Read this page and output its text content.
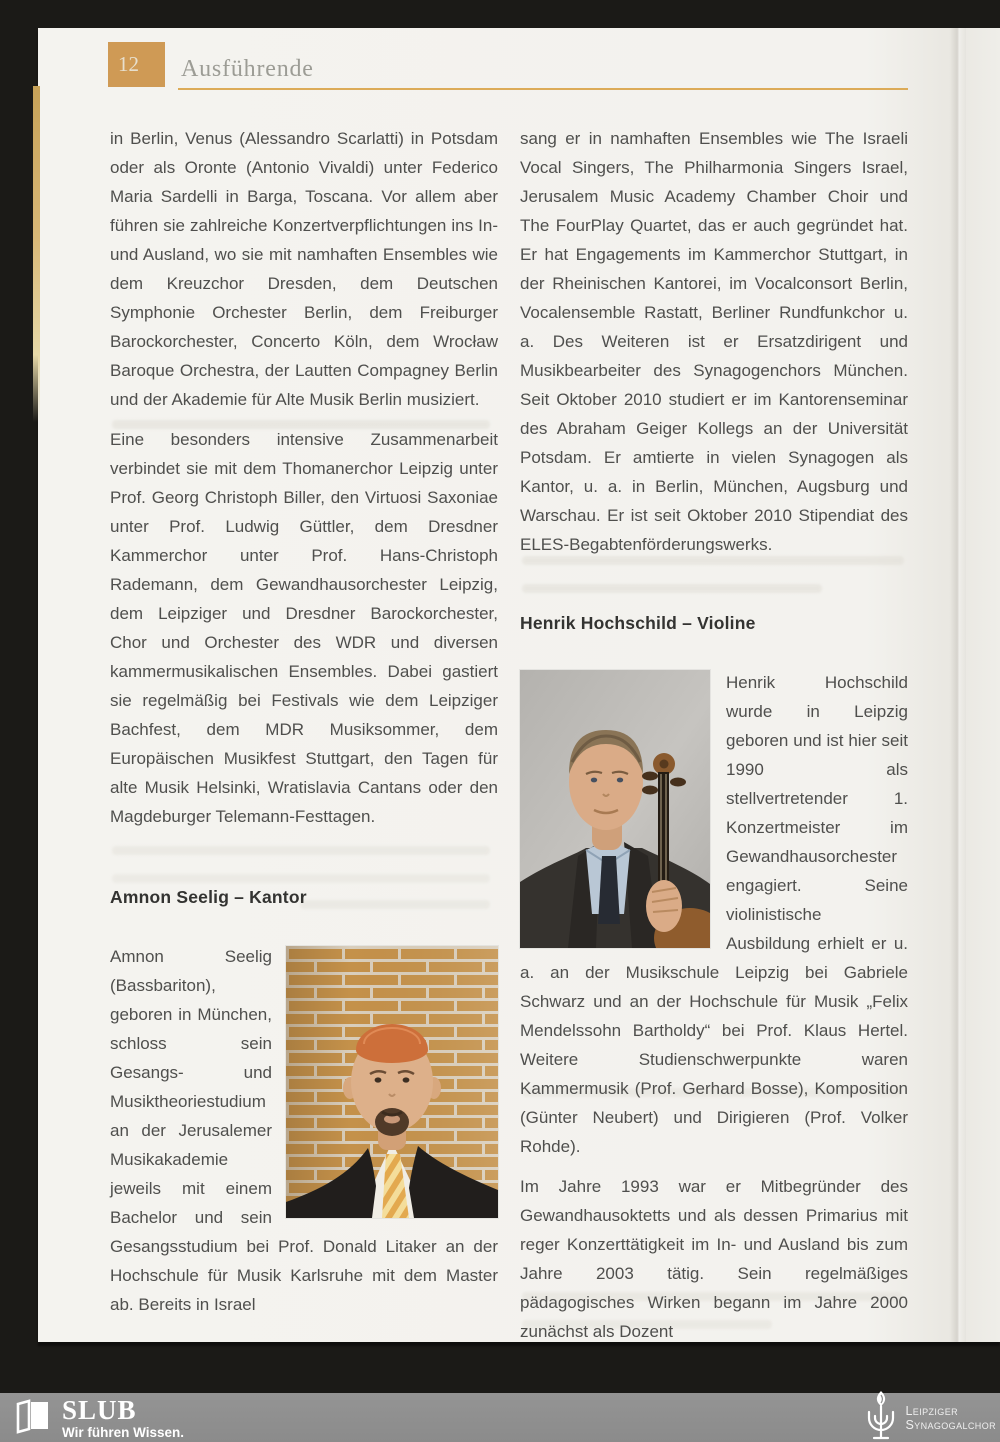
12 Ausführende

in Berlin, Venus (Alessandro Scarlatti) in Potsdam oder als Oronte (Antonio Vivaldi) unter Federico Maria Sardelli in Barga, Toscana. Vor allem aber führen sie zahlreiche Konzertverpflichtungen ins In- und Ausland, wo sie mit namhaften Ensembles wie dem Kreuzchor Dresden, dem Deutschen Symphonie Orchester Berlin, dem Freiburger Barockorchester, Concerto Köln, dem Wrocław Baroque Orchestra, der Lautten Compagney Berlin und der Akademie für Alte Musik Berlin musiziert.

Eine besonders intensive Zusammenarbeit verbindet sie mit dem Thomanerchor Leipzig unter Prof. Georg Christoph Biller, den Virtuosi Saxoniae unter Prof. Ludwig Güttler, dem Dresdner Kammerchor unter Prof. Hans-Christoph Rademann, dem Gewandhausorchester Leipzig, dem Leipziger und Dresdner Barockorchester, Chor und Orchester des WDR und diversen kammermusikalischen Ensembles. Dabei gastiert sie regelmäßig bei Festivals wie dem Leipziger Bachfest, dem MDR Musiksommer, dem Europäischen Musikfest Stuttgart, den Tagen für alte Musik Helsinki, Wratislavia Cantans oder den Magdeburger Telemann-Festtagen.

Amnon Seelig – Kantor

Amnon Seelig (Bassbariton), geboren in München, schloss sein Gesangs- und Musiktheoriestudium an der Jerusalemer Musikakademie jeweils mit einem Bachelor und sein Gesangsstudium bei Prof. Donald Litaker an der Hochschule für Musik Karlsruhe mit dem Master ab. Bereits in Israel

sang er in namhaften Ensembles wie The Israeli Vocal Singers, The Philharmonia Singers Israel, Jerusalem Music Academy Chamber Choir und The FourPlay Quartet, das er auch gegründet hat. Er hat Engagements im Kammerchor Stuttgart, in der Rheinischen Kantorei, im Vocalconsort Berlin, Vocalensemble Rastatt, Berliner Rundfunkchor u. a. Des Weiteren ist er Ersatzdirigent und Musikbearbeiter des Synagogenchors München. Seit Oktober 2010 studiert er im Kantorenseminar des Abraham Geiger Kollegs an der Universität Potsdam. Er amtierte in vielen Synagogen als Kantor, u. a. in Berlin, München, Augsburg und Warschau. Er ist seit Oktober 2010 Stipendiat des ELES-Begabtenförderungswerks.

Henrik Hochschild – Violine

Henrik Hochschild wurde in Leipzig geboren und ist hier seit 1990 als stellvertretender 1. Konzertmeister im Gewandhausorchester engagiert. Seine violinistische Ausbildung erhielt er u. a. an der Musikschule Leipzig bei Gabriele Schwarz und an der Hochschule für Musik „Felix Mendelssohn Bartholdy“ bei Prof. Klaus Hertel. Weitere Studienschwerpunkte waren Kammermusik (Prof. Gerhard Bosse), Komposition (Günter Neubert) und Dirigieren (Prof. Volker Rohde).

Im Jahre 1993 war er Mitbegründer des Gewandhausoktetts und als dessen Primarius mit reger Konzerttätigkeit im In- und Ausland bis zum Jahre 2003 tätig. Sein regelmäßiges pädagogisches Wirken begann im Jahre 2000 zunächst als Dozent

SLUB
Wir führen Wissen.
Leipziger
Synagogalchor
